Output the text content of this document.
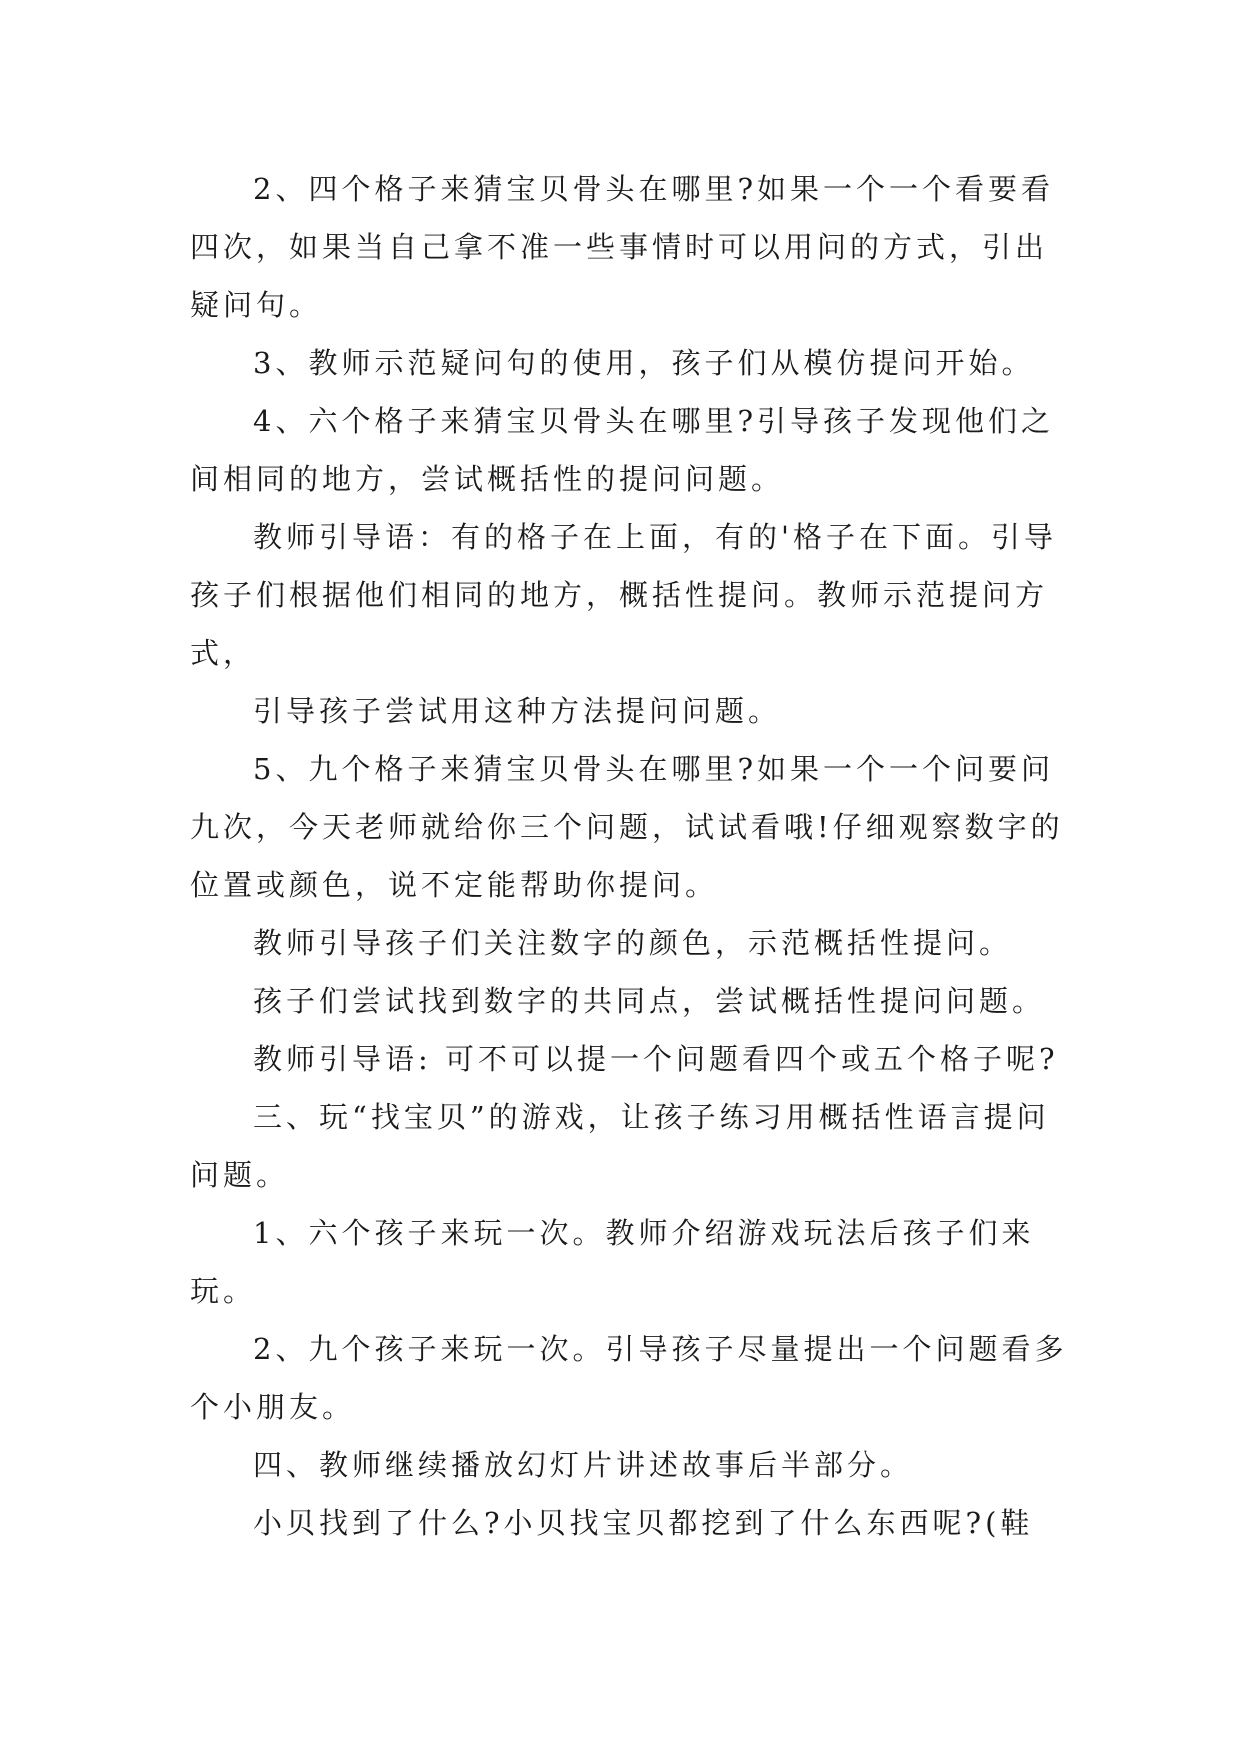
2、四个格子来猜宝贝骨头在哪里?如果一个一个看要看四次，如果当自己拿不准一些事情时可以用问的方式，引出疑问句。

3、教师示范疑问句的使用，孩子们从模仿提问开始。

4、六个格子来猜宝贝骨头在哪里?引导孩子发现他们之间相同的地方，尝试概括性的提问问题。

教师引导语：有的格子在上面，有的'格子在下面。引导孩子们根据他们相同的地方，概括性提问。教师示范提问方式，

引导孩子尝试用这种方法提问问题。

5、九个格子来猜宝贝骨头在哪里?如果一个一个问要问九次，今天老师就给你三个问题，试试看哦!仔细观察数字的位置或颜色，说不定能帮助你提问。

教师引导孩子们关注数字的颜色，示范概括性提问。

孩子们尝试找到数字的共同点，尝试概括性提问问题。

教师引导语: 可不可以提一个问题看四个或五个格子呢?

三、玩“找宝贝”的游戏，让孩子练习用概括性语言提问问题。

1、六个孩子来玩一次。教师介绍游戏玩法后孩子们来玩。

2、九个孩子来玩一次。引导孩子尽量提出一个问题看多个小朋友。

四、教师继续播放幻灯片讲述故事后半部分。

小贝找到了什么?小贝找宝贝都挖到了什么东西呢?(鞋
